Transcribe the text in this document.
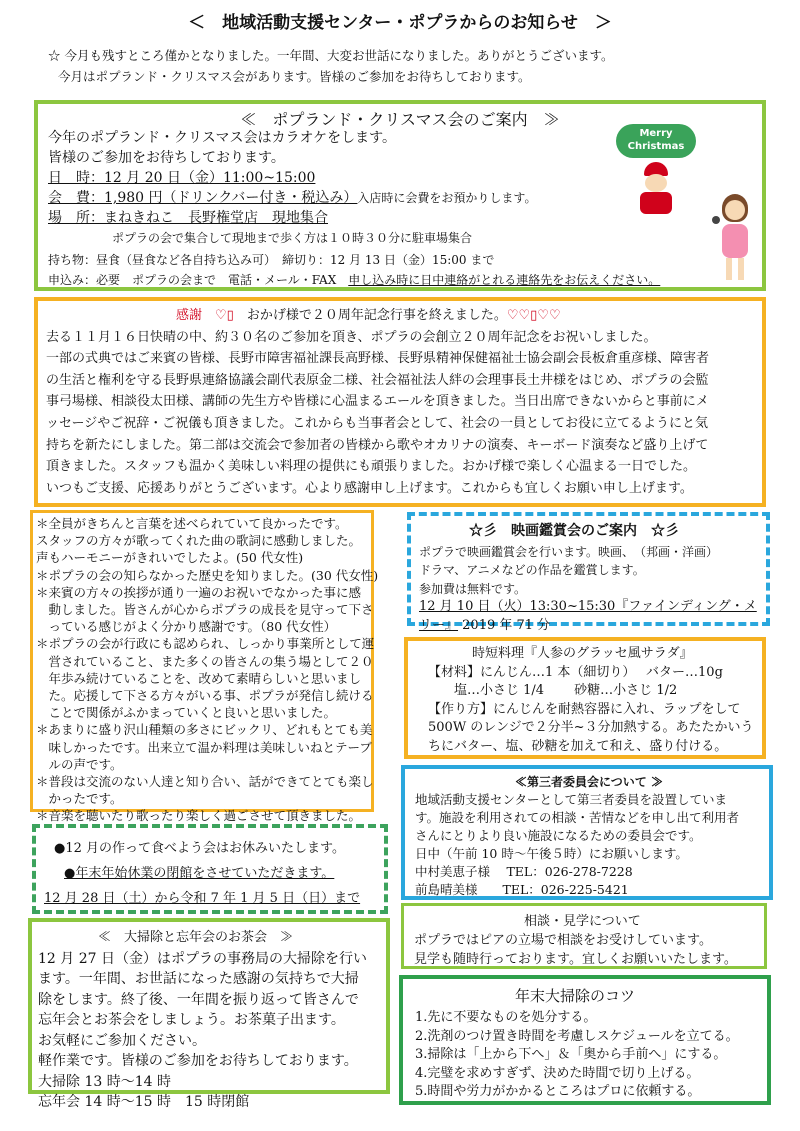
＜　地域活動支援センター・ポプラからのお知らせ　＞
☆ 今月も残すところ僅かとなりました。一年間、大変お世話になりました。ありがとうございます。
今月はポプランド・クリスマス会があります。皆様のご参加をお待ちしております。
≪　ポプランド・クリスマス会のご案内　≫
今年のポプランド・クリスマス会はカラオケをします。
皆様のご参加をお待ちしております。
日　時：12 月 20 日（金）11:00~15:00
会　費：1,980 円（ドリンクバー付き・税込み）入店時に会費をお預かりします。
場　所：まねきねこ　長野権堂店　現地集合
ポプラの会で集合して現地まで歩く方は１０時３０分に駐車場集合
持ち物：昼食（昼食など各自持ち込み可）　締切り：12 月 13 日（金）15:00 まで
申込み：必要　ポプラの会まで　電話・メール・FAX　申し込み時に日中連絡がとれる連絡先をお伝えください。
Merry
Christmas
感謝　♡▯　おかげ様で２０周年記念行事を終えました。♡♡▯♡♡
去る１１月１６日快晴の中、約３０名のご参加を頂き、ポプラの会創立２０周年記念をお祝いしました。
一部の式典ではご来賓の皆様、長野市障害福祉課長高野様、長野県精神保健福祉士協会副会長板倉重彦様、障害者
の生活と権利を守る長野県連絡協議会副代表原金二様、社会福祉法人絆の会理事長土井様をはじめ、ポプラの会監
事弓場様、相談役太田様、講師の先生方や皆様に心温まるエールを頂きました。当日出席できないからと事前にメ
ッセージやご祝辞・ご祝儀も頂きました。これからも当事者会として、社会の一員としてお役に立てるようにと気
持ちを新たにしました。第二部は交流会で参加者の皆様から歌やオカリナの演奏、キーボード演奏など盛り上げて
頂きました。スタッフも温かく美味しい料理の提供にも頑張りました。おかげ様で楽しく心温まる一日でした。
いつもご支援、応援ありがとうございます。心より感謝申し上げます。これからも宜しくお願い申し上げます。
＊全員がきちんと言葉を述べられていて良かったです。
スタッフの方々が歌ってくれた曲の歌詞に感動しました。
声もハーモニーがきれいでしたよ。(50 代女性)
＊ポプラの会の知らなかった歴史を知りました。(30 代女性)
＊来賓の方々の挨拶が通り一遍のお祝いでなかった事に感
　動しました。皆さんが心からポプラの成長を見守って下さ
　っている感じがよく分かり感謝です。（80 代女性）
＊ポプラの会が行政にも認められ、しっかり事業所として運
　営されていること、また多くの皆さんの集う場として２０
　年歩み続けていることを、改めて素晴らしいと思いまし
　た。応援して下さる方々がいる事、ポプラが発信し続ける
　ことで関係がふかまっていくと良いと思いました。
＊あまりに盛り沢山種類の多さにビックリ、どれもとても美
　味しかったです。出来立て温か料理は美味しいねとテーブ
　ルの声です。
＊普段は交流のない人達と知り合い、話ができてとても楽し
　かったです。
＊音楽を聴いたり歌ったり楽しく過ごさせて頂きました。
●12 月の作って食べよう会はお休みいたします。
●年末年始休業の閉館をさせていただきます。
12 月 28 日（土）から令和 7 年 1 月 5 日（日）まで
≪　大掃除と忘年会のお茶会　≫
12 月 27 日（金）はポプラの事務局の大掃除を行い
ます。一年間、お世話になった感謝の気持ちで大掃
除をします。終了後、一年間を振り返って皆さんで
忘年会とお茶会をしましょう。お茶菓子出ます。
お気軽にご参加ください。
軽作業です。皆様のご参加をお待ちしております。
大掃除 13 時～14 時
忘年会 14 時～15 時　15 時閉館
☆彡　映画鑑賞会のご案内　☆彡
ポプラで映画鑑賞会を行います。映画、　（邦画・洋画）
ドラマ、アニメなどの作品を鑑賞します。
参加費は無料です。
12 月 10 日（火）13:30~15:30『ファインディング・メ
リー』 2019 年 71 分
時短料理『人参のグラッセ風サラダ』
【材料】にんじん…1 本（細切り）　 バター…10g
　　塩…小さじ 1/4 　　砂糖…小さじ 1/2
【作り方】にんじんを耐熱容器に入れ、ラップをして
500W のレンジで２分半~３分加熱する。あたたかいう
ちにバター、塩、砂糖を加えて和え、盛り付ける。
≪第三者委員会について ≫
地域活動支援センターとして第三者委員を設置していま
す。施設を利用されての相談・苦情などを申し出て利用者
さんにとりより良い施設になるための委員会です。
日中（午前 10 時～午後５時）にお願いします。
中村美恵子様　 TEL：026-278-7228
前島晴美様　　TEL：026-225-5421
相談・見学について
ポプラではピアの立場で相談をお受けしています。
見学も随時行っております。宜しくお願いいたします。
年末大掃除のコツ
1.先に不要なものを処分する。
2.洗剤のつけ置き時間を考慮しスケジュールを立てる。
3.掃除は「上から下へ」＆「奥から手前へ」にする。
4.完璧を求めすぎず、決めた時間で切り上げる。
5.時間や労力がかかるところはプロに依頼する。
